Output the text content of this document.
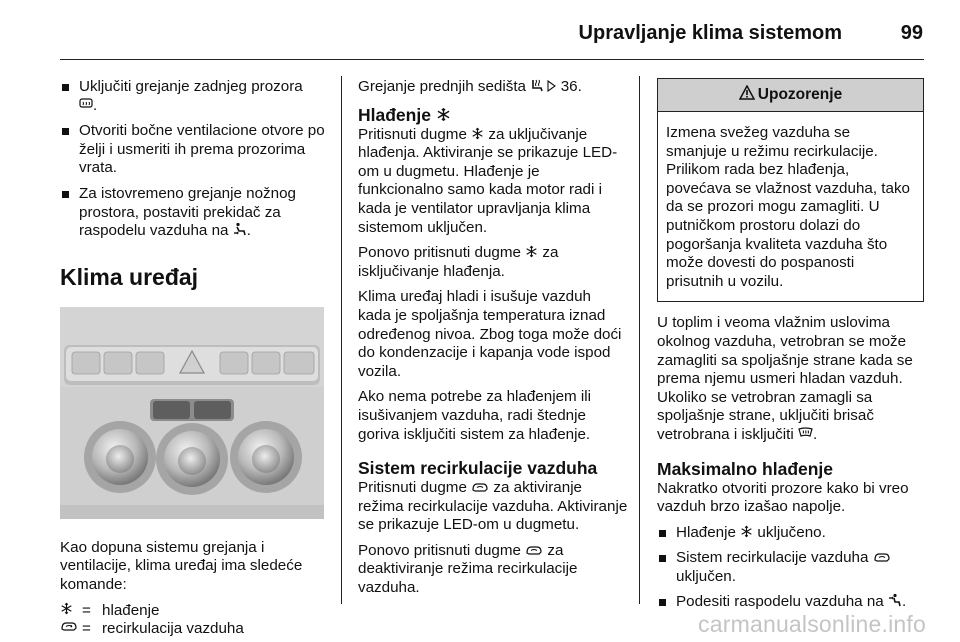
Upravljanje klima sistemom	99
Uključiti grejanje zadnjeg prozora
.
Otvoriti bočne ventilacione otvore po želji i usmeriti ih prema prozorima vrata.
Za istovremeno grejanje nožnog prostora, postaviti prekidač za raspodelu vazduha na .
Klima uređaj

Kao dopuna sistemu grejanja i ventilacije, klima uređaj ima sledeće komande:

= hlađenje
= recirkulacija vazduha

Grejanje prednjih sedišta 36.

Hlađenje

Pritisnuti dugme za uključivanje hlađenja. Aktiviranje se prikazuje LED-om u dugmetu. Hlađenje je funkcionalno samo kada motor radi i kada je ventilator upravljanja klima sistemom uključen.

Ponovo pritisnuti dugme za isključivanje hlađenja.

Klima uređaj hladi i isušuje vazduh kada je spoljašnja temperatura iznad određenog nivoa. Zbog toga može doći do kondenzacije i kapanja vode ispod vozila.

Ako nema potrebe za hlađenjem ili isušivanjem vazduha, radi štednje goriva isključiti sistem za hlađenje.

Sistem recirkulacije vazduha

Pritisnuti dugme za aktiviranje režima recirkulacije vazduha. Aktiviranje se prikazuje LED-om u dugmetu.

Ponovo pritisnuti dugme za deaktiviranje režima recirkulacije vazduha.

Upozorenje
Izmena svežeg vazduha se smanjuje u režimu recirkulacije. Prilikom rada bez hlađenja, povećava se vlažnost vazduha, tako da se prozori mogu zamagliti. U putničkom prostoru dolazi do pogoršanja kvaliteta vazduha što može dovesti do pospanosti prisutnih u vozilu.

U toplim i veoma vlažnim uslovima okolnog vazduha, vetrobran se može zamagliti sa spoljašnje strane kada se prema njemu usmeri hladan vazduh. Ukoliko se vetrobran zamagli sa spoljašnje strane, uključiti brisač vetrobrana i isključiti .

Maksimalno hlađenje

Nakratko otvoriti prozore kako bi vreo vazduh brzo izašao napolje.

Hlađenje uključeno.
Sistem recirkulacije vazduha  uključen.
Podesiti raspodelu vazduha na .
carmanualsonline.info
